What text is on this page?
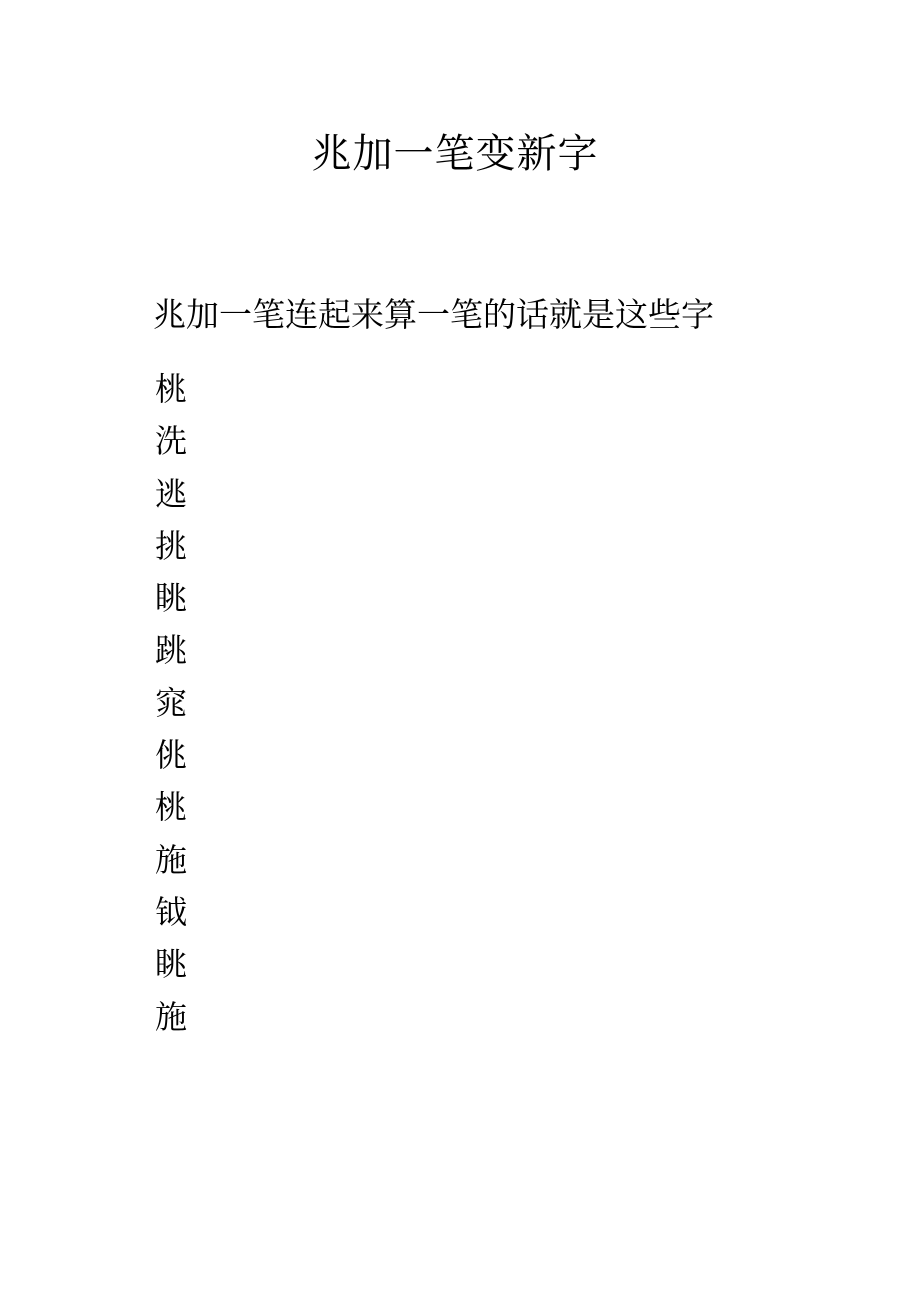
兆加一笔变新字

兆加一笔连起来算一笔的话就是这些字

桃
洗
逃
挑
眺
跳
窕
佻
桃
施
钺
眺
施
